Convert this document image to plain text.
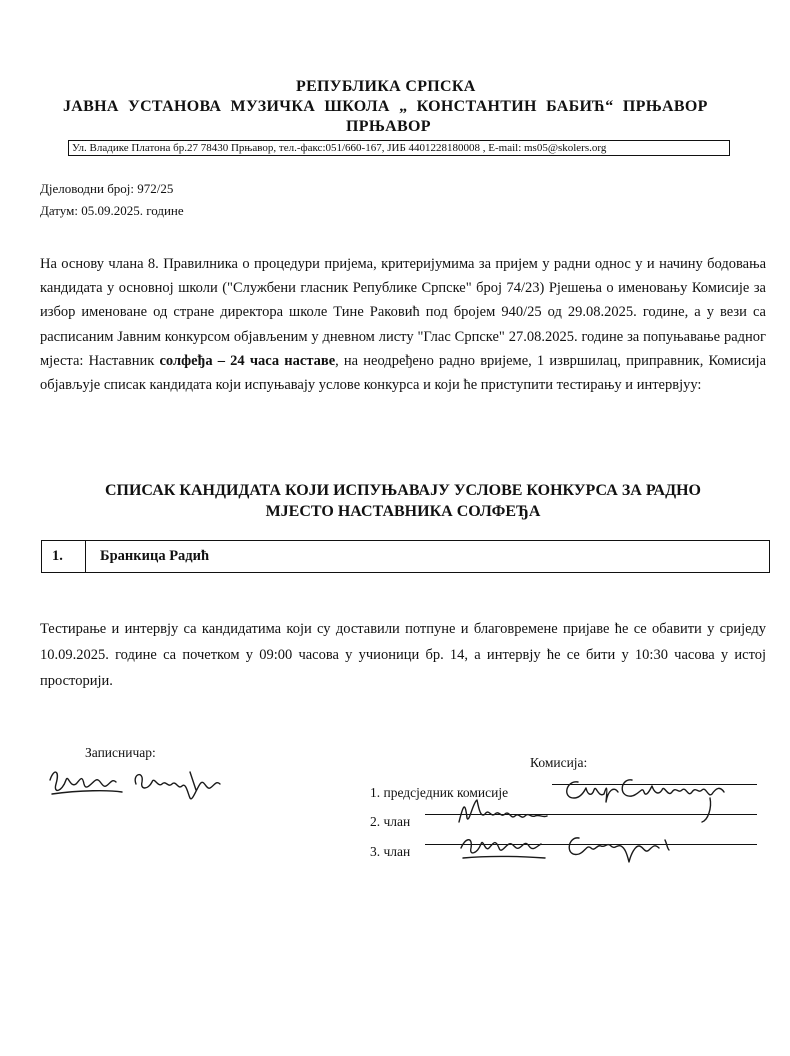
РЕПУБЛИКА СРПСКА
ЈАВНА УСТАНОВА МУЗИЧКА ШКОЛА „ КОНСТАНТИН БАБИЋ“ ПРЊАВОР
ПРЊАВОР
Ул. Владике Платона бр.27 78430 Прњавор, тел.-факс:051/660-167, ЈИБ 4401228180008 , E-mail: ms05@skolers.org
Дјеловодни број: 972/25
Датум: 05.09.2025. године
На основу члана 8. Правилника о процедури пријема, критеријумима за пријем у радни однос у и начину бодовања кандидата у основној школи ("Службени гласник Републике Српске" број 74/23) Рјешења о именовању Комисије за избор именоване од стране директора школе Тине Раковић под бројем 940/25 од 29.08.2025. године, а у вези са расписаним Јавним конкурсом објављеним у дневном листу "Глас Српске" 27.08.2025. године за попуњавање радног мјеста: Наставник солфеђа – 24 часа наставе, на неодређено радно вријеме, 1 извршилац, приправник, Комисија објављује списак кандидата који испуњавају услове конкурса и који ће приступити тестирању и интервјуу:
СПИСАК КАНДИДАТА КОЈИ ИСПУЊАВАЈУ УСЛОВЕ КОНКУРСА ЗА РАДНО
МЈЕСТО НАСТАВНИКА СОЛФЕЂА
1.	Бранкица Радић
Тестирање и интервју са кандидатима који су доставили потпуне и благовремене пријаве ће се обавити у сриједу 10.09.2025. године са почетком у 09:00 часова у учионици бр. 14, а интервју ће се бити у 10:30 часова у истој просторији.
Записничар:
Комисија:
1. предсједник комисије
2. члан
3. члан
